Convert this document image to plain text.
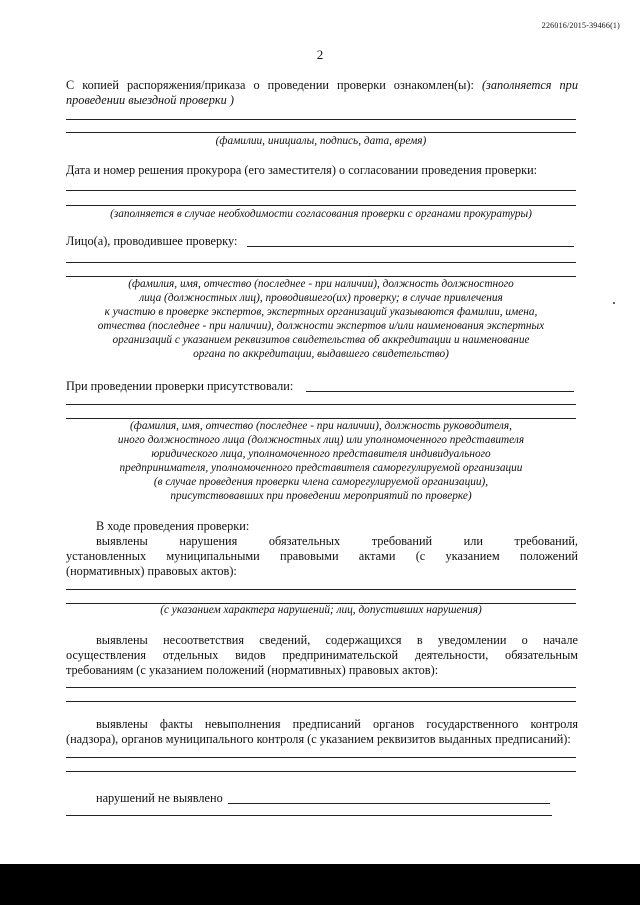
226016/2015-39466(1)
2
С копией распоряжения/приказа о проведении проверки ознакомлен(ы): (заполняется при
проведении выездной проверки )
(фамилии, инициалы, подпись, дата, время)
Дата и номер решения прокурора (его заместителя) о согласовании проведения проверки:
(заполняется в случае необходимости согласования проверки с органами прокуратуры)
Лицо(а), проводившее проверку:
(фамилия, имя, отчество (последнее - при наличии), должность должностного
лица (должностных лиц), проводившего(их) проверку; в случае привлечения
к участию в проверке экспертов, экспертных организаций указываются фамилии, имена,
отчества (последнее - при наличии), должности экспертов и/или наименования экспертных
организаций с указанием реквизитов свидетельства об аккредитации и наименование
органа по аккредитации, выдавшего свидетельство)
При проведении проверки присутствовали:
(фамилия, имя, отчество (последнее - при наличии), должность руководителя,
иного должностного лица (должностных лиц) или уполномоченного представителя
юридического лица, уполномоченного представителя индивидуального
предпринимателя, уполномоченного представителя саморегулируемой организации
(в случае проведения проверки члена саморегулируемой организации),
присутствовавших при проведении мероприятий по проверке)
В ходе проведения проверки:
выявлены нарушения обязательных требований или требований,
установленных муниципальными правовыми актами (с указанием положений
(нормативных) правовых актов):
(с указанием характера нарушений; лиц, допустивших нарушения)
выявлены несоответствия сведений, содержащихся в уведомлении о начале
осуществления отдельных видов предпринимательской деятельности, обязательным
требованиям (с указанием положений (нормативных) правовых актов):
выявлены факты невыполнения предписаний органов государственного контроля
(надзора), органов муниципального контроля (с указанием реквизитов выданных предписаний):
нарушений не выявлено
